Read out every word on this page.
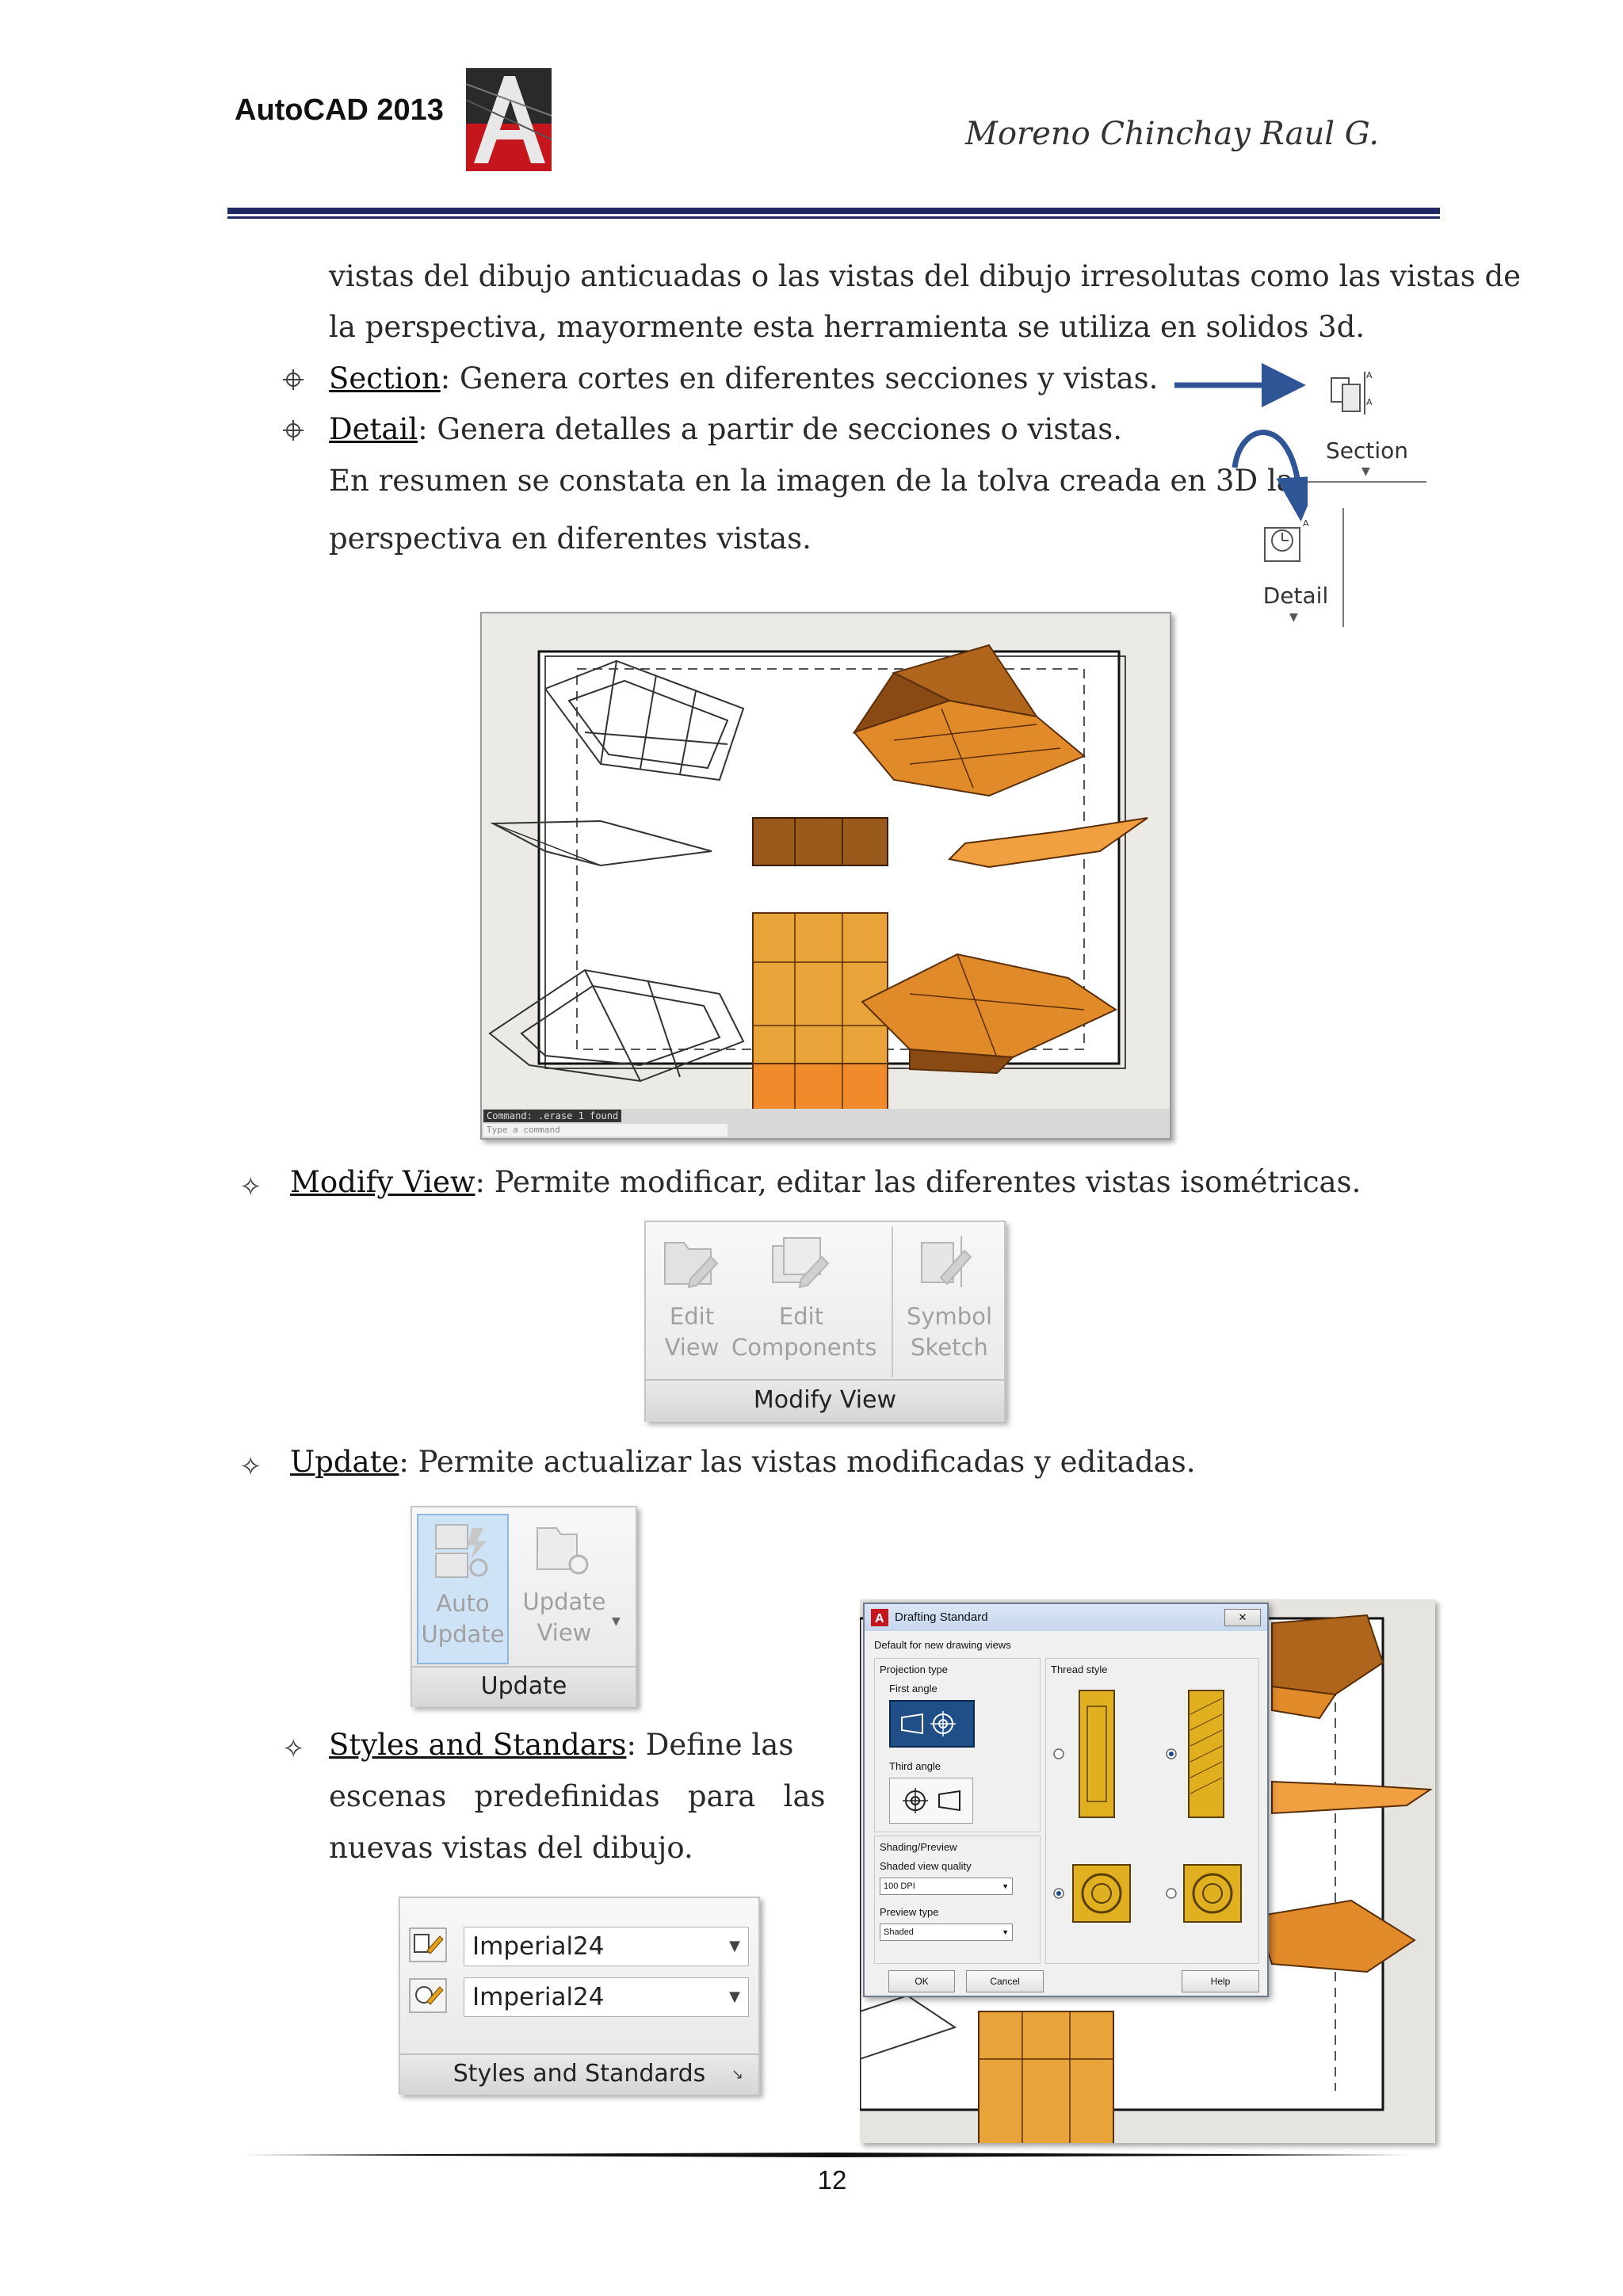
AutoCAD 2013
Moreno Chinchay Raul G.
vistas del dibujo anticuadas o las vistas del dibujo irresolutas como las vistas de
la perspectiva, mayormente esta herramienta se utiliza en solidos 3d.
Section: Genera cortes en diferentes secciones y vistas.
Detail: Genera detalles a partir de secciones o vistas.
En resumen se constata en la imagen de la tolva creada en 3D la
perspectiva en diferentes vistas.
A
A
Section
▼
A
Detail
▼
Command: .erase 1 found
Type a command
✧ Modify View: Permite modificar, editar las diferentes vistas isométricas.
Edit
View
Edit
Components
Symbol
Sketch
Modify View
✧ Update: Permite actualizar las vistas modificadas y editadas.
Auto
Update
Update
View	▼
Update
✧ Styles and Standars: Define las
escenas   predefinidas   para   las
nuevas vistas del dibujo.
Imperial24	▼
Imperial24	▼
Styles and Standards	↘
Drafting Standard
A	✕
Default for new drawing views
Projection type
First angle
Third angle
Thread style
Shading/Preview
Shaded view quality
100 DPI	▼
Preview type
Shaded	▼
OK	Cancel	Help
12
